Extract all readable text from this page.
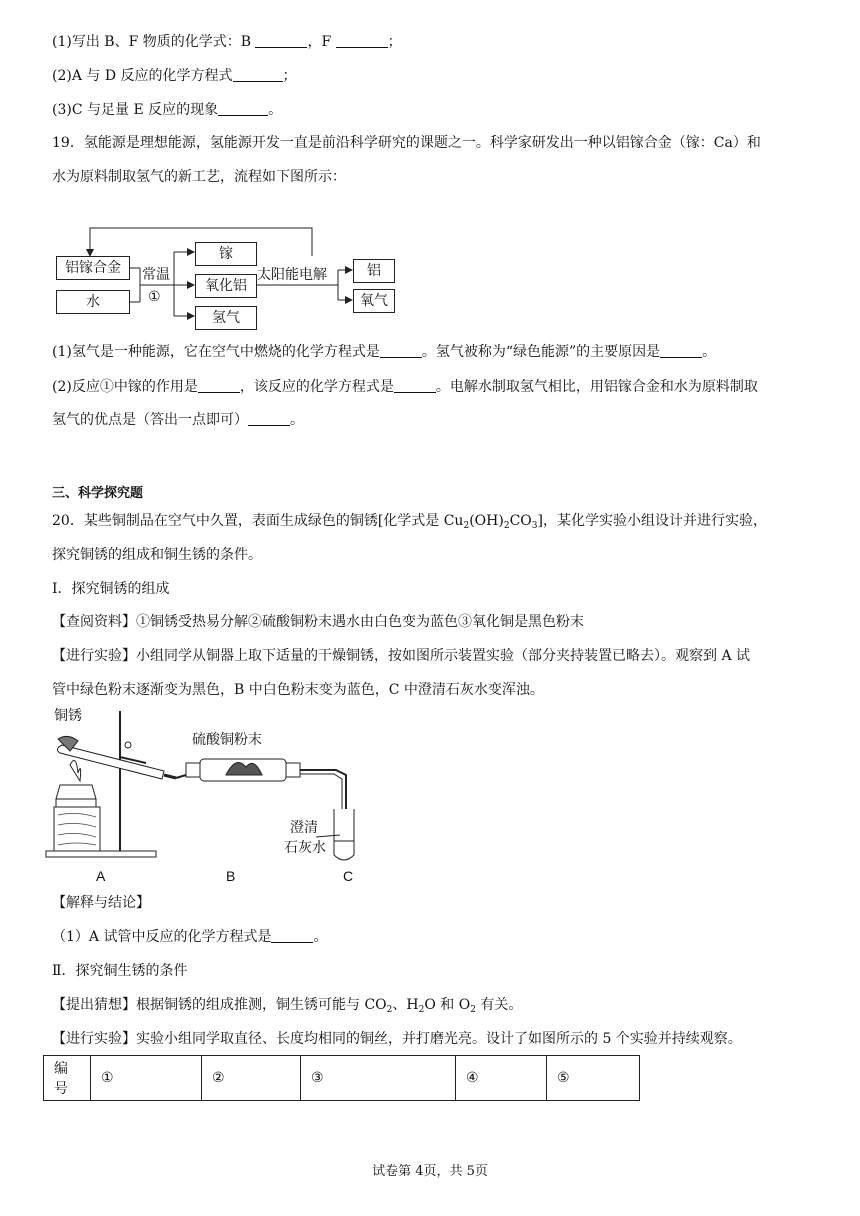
(1)写出 B、F 物质的化学式：B	，F	；
(2)A 与 D 反应的化学方程式	；
(3)C 与足量 E 反应的现象	。
19．氢能源是理想能源，氢能源开发一直是前沿科学研究的课题之一。科学家研发出一种以铝镓合金（镓：Ca）和
水为原料制取氢气的新工艺，流程如下图所示：
铝镓合金
水
常温
①
镓
氧化铝
氢气
太阳能电解	铝
氧气
(1)氢气是一种能源，它在空气中燃烧的化学方程式是	。氢气被称为“绿色能源”的主要原因是	。
(2)反应①中镓的作用是	，该反应的化学方程式是	。电解水制取氢气相比，用铝镓合金和水为原料制取
氢气的优点是（答出一点即可）	。
三、科学探究题
20．某些铜制品在空气中久置，表面生成绿色的铜锈[化学式是 $Cu_2(OH)_2CO_3$]，某化学实验小组设计并进行实验，
探究铜锈的组成和铜生锈的条件。
I．探究铜锈的组成
【查阅资料】①铜锈受热易分解②硫酸铜粉末遇水由白色变为蓝色③氧化铜是黑色粉末
【进行实验】小组同学从铜器上取下适量的干燥铜锈，按如图所示装置实验（部分夹持装置已略去）。观察到 A 试
管中绿色粉末逐渐变为黑色，B 中白色粉末变为蓝色，C 中澄清石灰水变浑浊。
铜锈
硫酸铜粉末
澄清
石灰水
A	B	C
【解释与结论】
（1）A 试管中反应的化学方程式是	。
Ⅱ．探究铜生锈的条件
【提出猜想】根据铜锈的组成推测，铜生锈可能与 $CO_2$、$H_2O$ 和 $O_2$ 有关。
【进行实验】实验小组同学取直径、长度均相同的铜丝，并打磨光亮。设计了如图所示的 5 个实验并持续观察。
编号	①	②	③	④	⑤
试卷第 4页，共 5页
